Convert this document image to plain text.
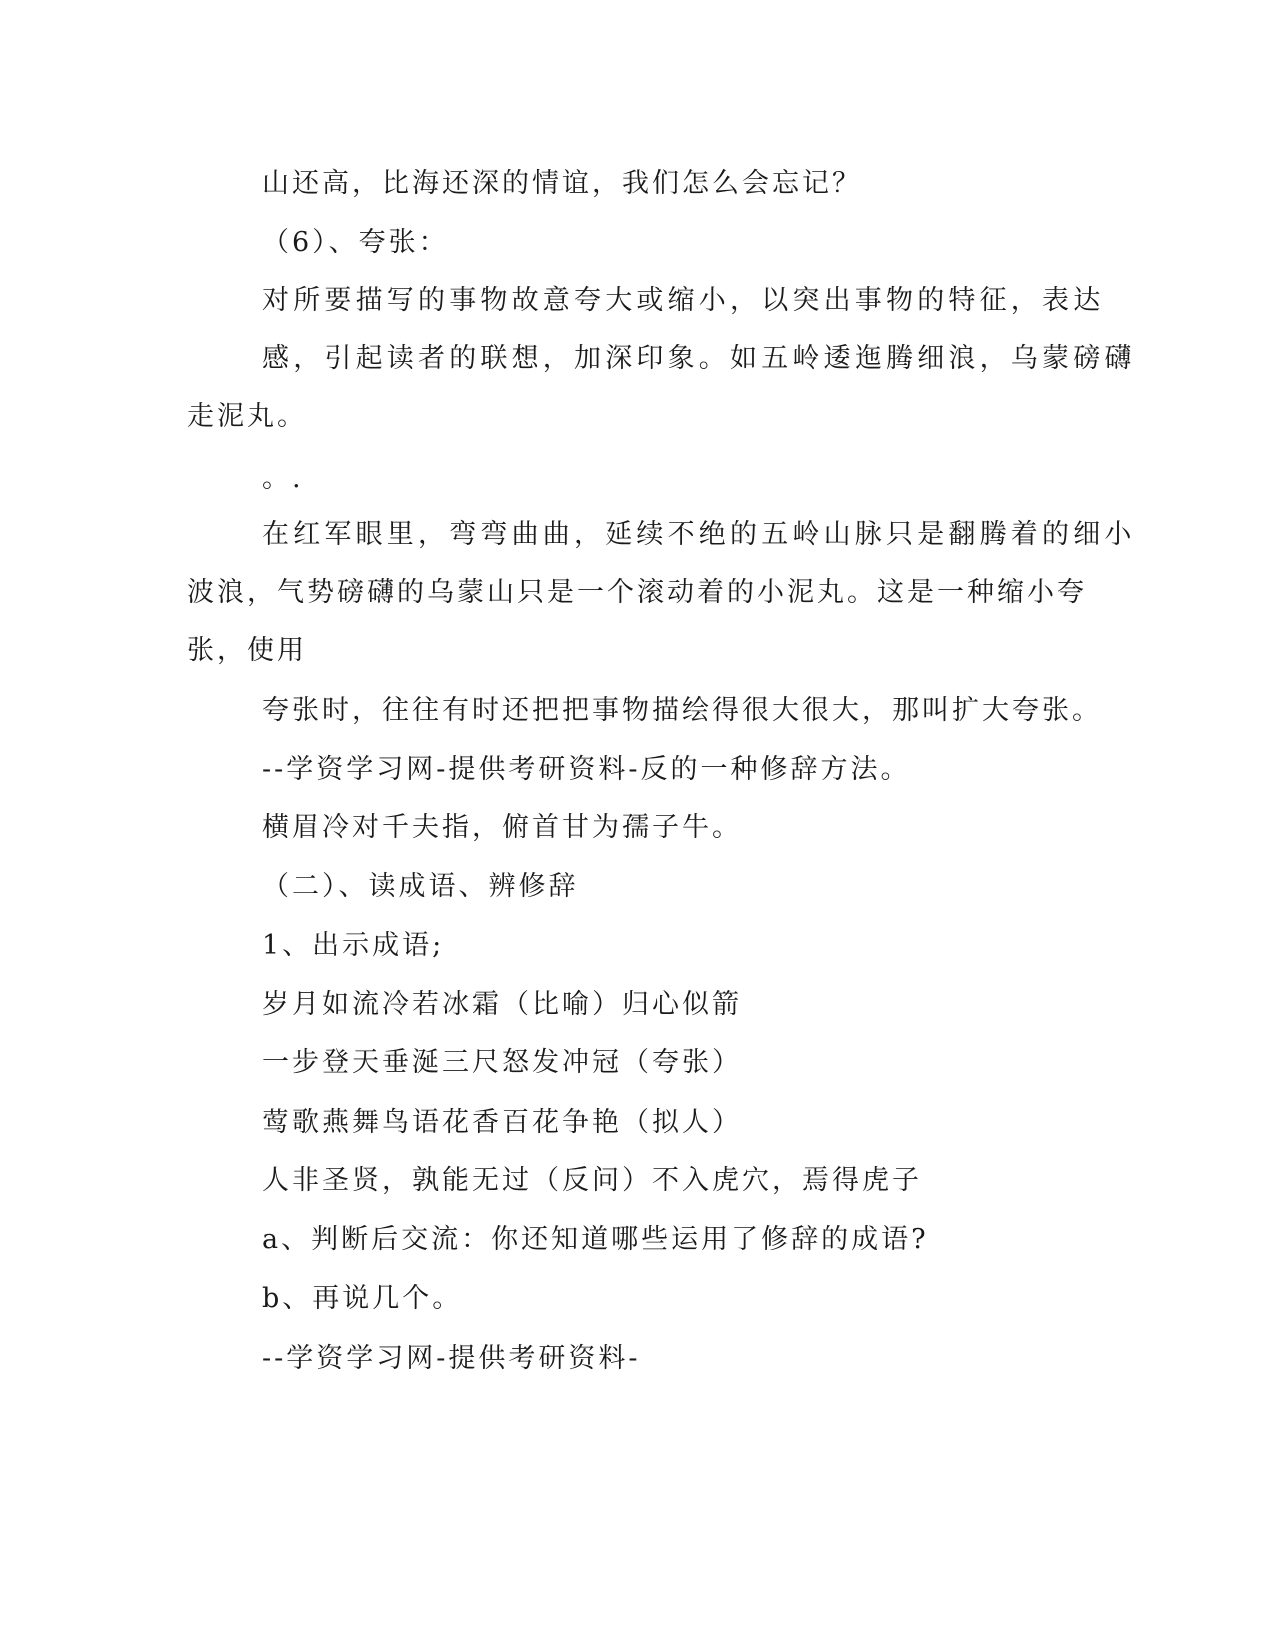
山还高，比海还深的情谊，我们怎么会忘记？
（6）、夸张：
对所要描写的事物故意夸大或缩小，以突出事物的特征，表达
感，引起读者的联想，加深印象。如五岭逶迤腾细浪，乌蒙磅礴
走泥丸。
。.
在红军眼里，弯弯曲曲，延续不绝的五岭山脉只是翻腾着的细小
波浪，气势磅礴的乌蒙山只是一个滚动着的小泥丸。这是一种缩小夸
张，使用
夸张时，往往有时还把把事物描绘得很大很大，那叫扩大夸张。
--学资学习网-提供考研资料-反的一种修辞方法。
横眉冷对千夫指，俯首甘为孺子牛。
（二）、读成语、辨修辞
1、出示成语;
岁月如流冷若冰霜（比喻）归心似箭
一步登天垂涎三尺怒发冲冠（夸张）
莺歌燕舞鸟语花香百花争艳（拟人）
人非圣贤，孰能无过（反问）不入虎穴，焉得虎子
a、判断后交流：你还知道哪些运用了修辞的成语?
b、再说几个。
--学资学习网-提供考研资料-
